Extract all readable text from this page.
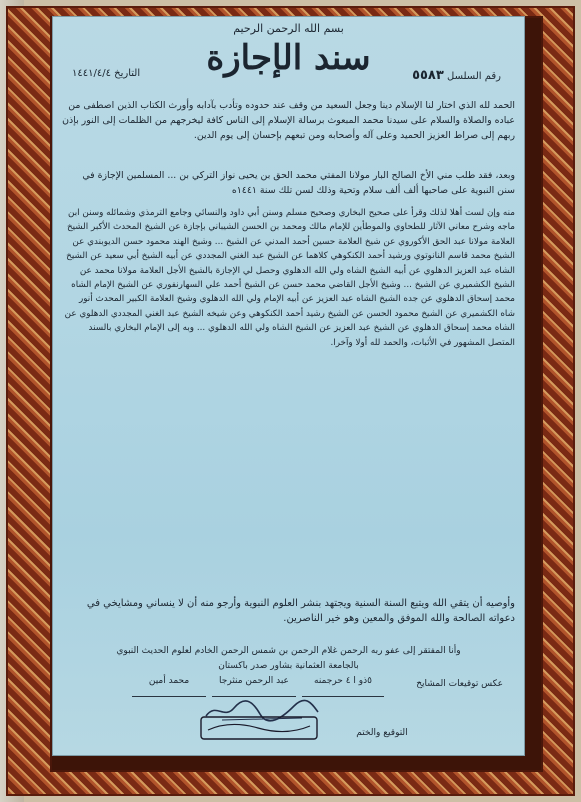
بسم الله الرحمن الرحيم
سند الإجازة	رقم السلسل ٥٥٨٣
التاريخ ١٤٤١/٤/٤
الحمد لله الذي اختار لنا الإسلام دينا وجعل السعيد من وقف عند حدوده وتأدب بآدابه وأورث الكتاب الذين اصطفى من عباده والصلاة والسلام على سيدنا محمد المبعوث برسالة الإسلام إلى الناس كافة ليخرجهم من الظلمات إلى النور بإذن ربهم إلى صراط العزيز الحميد وعلى آله وأصحابه ومن تبعهم بإحسان إلى يوم الدين.
وبعد، فقد طلب مني الأخ الصالح البار مولانا المفتي محمد الحق بن يحيى نواز التركي بن ... المسلمين الإجازة في سنن النبوية على صاحبها ألف ألف سلام وتحية وذلك لسن تلك سنة ١٤٤١ه
منه وإن لست أهلا لذلك وقرأ على صحيح البخاري وصحيح مسلم وسنن أبي داود والنسائي وجامع الترمذي وشمائله وسنن ابن ماجه وشرح معاني الآثار للطحاوي والموطأين للإمام مالك ومحمد بن الحسن الشيباني بإجازة عن الشيخ المحدث الأكبر الشيخ العلامة مولانا عبد الحق الأكوروي عن شيخ العلامة حسين أحمد المدني عن الشيخ ... وشيخ الهند محمود حسن الديوبندي عن الشيخ محمد قاسم النانوتوي ورشيد أحمد الكنكوهي كلاهما عن الشيخ عبد الغني المجددي عن أبيه الشيخ أبي سعيد عن الشيخ الشاه عبد العزيز الدهلوي عن أبيه الشيخ الشاه ولي الله الدهلوي وحصل لي الإجازة بالشيخ الأجل العلامة مولانا محمد عن الشيخ الكشميري عن الشيخ ... وشيخ الأجل القاضي محمد حسن عن الشيخ أحمد علي السهارنفوري عن الشيخ الإمام الشاه محمد إسحاق الدهلوي عن جده الشيخ الشاه عبد العزيز عن أبيه الإمام ولي الله الدهلوي وشيخ العلامة الكبير المحدث أنور شاه الكشميري عن الشيخ محمود الحسن عن الشيخ رشيد أحمد الكنكوهي وعن شيخه الشيخ عبد الغني المجددي الدهلوي عن الشاه محمد إسحاق الدهلوي عن الشيخ عبد العزيز عن الشيخ الشاه ولي الله الدهلوي ... وبه إلى الإمام البخاري بالسند المتصل المشهور في الأثبات، والحمد لله أولا وآخرا.
وأوصيه أن يتقي الله ويتبع السنة السنية ويجتهد بنشر العلوم النبوية وأرجو منه أن لا ينساني ومشايخي في دعواته الصالحة والله الموفق والمعين وهو خير الناصرين.
وأنا المفتقر إلى عفو ربه الرحمن غلام الرحمن بن شمس الرحمن الخادم لعلوم الحديث النبوي
بالجامعة العثمانية بشاور صدر باكستان
عكس توقيعات المشايخ
٥ذو ا ٤ حرجمنه
عبد الرحمن منثرجا
محمد أمين
التوقيع والختم
